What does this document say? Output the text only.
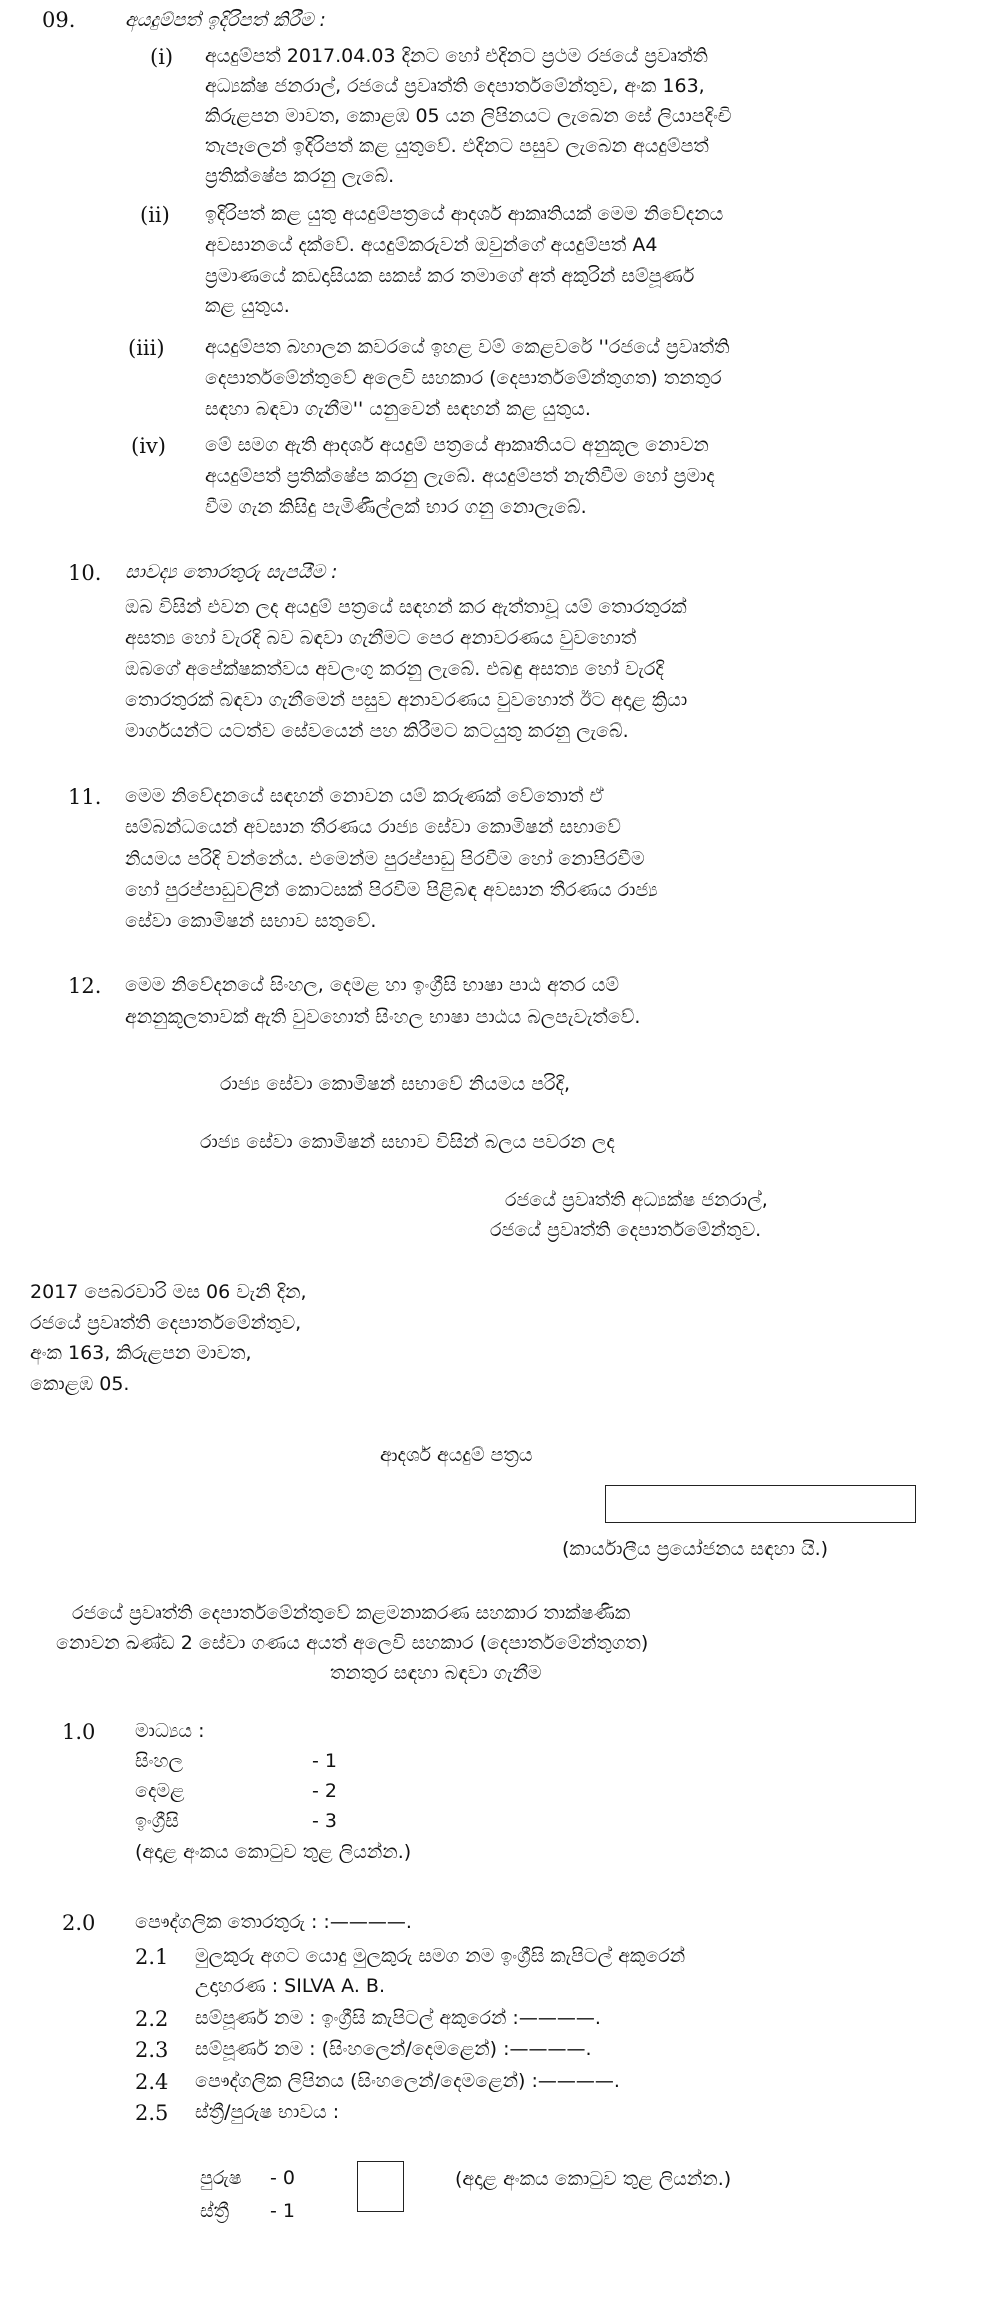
09.	අයදුම්පත් ඉදිරිපත් කිරීම :
(i) අයදුම්පත් 2017.04.03 දිනට හෝ එදිනට ප්‍රථම රජයේ ප්‍රවෘත්ති
අධ්‍යක්ෂ ජනරාල්, රජයේ ප්‍රවෘත්ති දෙපාර්තමේන්තුව, අංක 163,
කිරුළපන මාවත, කොළඹ 05 යන ලිපිනයට ලැබෙන සේ ලියාපදිංචි
තැපෑලෙන් ඉදිරිපත් කළ යුතුවේ. එදිනට පසුව ලැබෙන අයදුම්පත්
ප්‍රතික්ෂේප කරනු ලැබේ.
(ii) ඉදිරිපත් කළ යුතු අයදුම්පත්‍රයේ ආදර්ශ ආකෘතියක් මෙම නිවේදනය
අවසානයේ දක්වේ. අයදුම්කරුවන් ඔවුන්ගේ අයදුම්පත් A4
ප්‍රමාණයේ කඩදාසියක සකස් කර තමාගේ අත් අකුරින් සම්පූර්ණ
කළ යුතුය.
(iii) අයදුම්පත බහාලන කවරයේ ඉහළ වම් කෙළවරේ ''රජයේ ප්‍රවෘත්ති
දෙපාර්තමේන්තුවේ අලෙවි සහකාර (දෙපාර්තමේන්තුගත) තනතුර
සඳහා බඳවා ගැනීම'' යනුවෙන් සඳහන් කළ යුතුය.
(iv) මේ සමග ඇති ආදර්ශ අයදුම් පත්‍රයේ ආකෘතියට අනුකූල නොවන
අයදුම්පත් ප්‍රතික්ෂේප කරනු ලැබේ. අයදුම්පත් නැතිවීම හෝ ප්‍රමාද
වීම ගැන කිසිදු පැමිණිල්ලක් භාර ගනු නොලැබේ.
10. සාවද්‍ය තොරතුරු සැපයීම :
ඔබ විසින් එවන ලද අයදුම් පත්‍රයේ සඳහන් කර ඇත්තාවූ යම් තොරතුරක්
අසත්‍ය හෝ වැරදි බව බඳවා ගැනීමට පෙර අනාවරණය වුවහොත්
ඔබගේ අපේක්ෂකත්වය අවලංගු කරනු ලැබේ. එබඳු අසත්‍ය හෝ වැරදි
තොරතුරක් බඳවා ගැනීමෙන් පසුව අනාවරණය වුවහොත් ඊට අදාළ ක්‍රියා
මාර්ගයන්ට යටත්ව සේවයෙන් පහ කිරීමට කටයුතු කරනු ලැබේ.
11. මෙම නිවේදනයේ සඳහන් නොවන යම් කරුණක් වේතොත් ඒ
සම්බන්ධයෙන් අවසාන තීරණය රාජ්‍ය සේවා කොමිෂන් සභාවේ
නියමය පරිදි වන්නේය. එමෙන්ම පුරප්පාඩු පිරවීම හෝ නොපිරවීම
හෝ පුරප්පාඩුවලින් කොටසක් පිරවීම පිළිබඳ අවසාන තීරණය රාජ්‍ය
සේවා කොමිෂන් සභාව සතුවේ.
12. මෙම නිවේදනයේ සිංහල, දෙමළ හා ඉංග්‍රීසි භාෂා පාඨ අතර යම්
අනනුකූලතාවක් ඇති වුවහොත් සිංහල භාෂා පාඨය බලපැවැත්වේ.
රාජ්‍ය සේවා කොමිෂන් සභාවේ නියමය පරිදි,
රාජ්‍ය සේවා කොමිෂන් සභාව විසින් බලය පවරන ලද
රජයේ ප්‍රවෘත්ති අධ්‍යක්ෂ ජනරාල්,
රජයේ ප්‍රවෘත්ති දෙපාර්තමේන්තුව.
2017 පෙබරවාරි මස 06 වැනි දින,
රජයේ ප්‍රවෘත්ති දෙපාර්තමේන්තුව,
අංක 163, කිරුළපන මාවත,
කොළඹ 05.
ආදර්ශ අයදුම් පත්‍රය
(කාර්යාලීය ප්‍රයෝජනය සඳහා යි.)
රජයේ ප්‍රවෘත්ති දෙපාර්තමේන්තුවේ කළමනාකරණ සහකාර තාක්ෂණික
නොවන ඛණ්ඩ 2 සේවා ගණය අයත් අලෙවි සහකාර (දෙපාර්තමේන්තුගත)
තනතුර සඳහා බඳවා ගැනීම
1.0 මාධ්‍යය :
සිංහල	- 1
දෙමළ	- 2
ඉංග්‍රීසි	- 3
(අදාළ අංකය කොටුව තුළ ලියන්න.)
2.0 පෞද්ගලික තොරතුරු : :————.
2.1 මුලකුරු අගට යොදු මුලකුරු සමග නම ඉංග්‍රීසි කැපිටල් අකුරෙන්
උදාහරණ : SILVA A. B.
2.2 සම්පූර්ණ නම : ඉංග්‍රීසි කැපිටල් අකුරෙන් :————.
2.3 සම්පූර්ණ නම : (සිංහලෙන්/දෙමළෙන්) :————.
2.4 පෞද්ගලික ලිපිනය (සිංහලෙන්/දෙමළෙන්) :————.
2.5 ස්ත්‍රී/පුරුෂ භාවය :
පුරුෂ - 0
ස්ත්‍රී - 1
(අදාළ අංකය කොටුව තුළ ලියන්න.)
